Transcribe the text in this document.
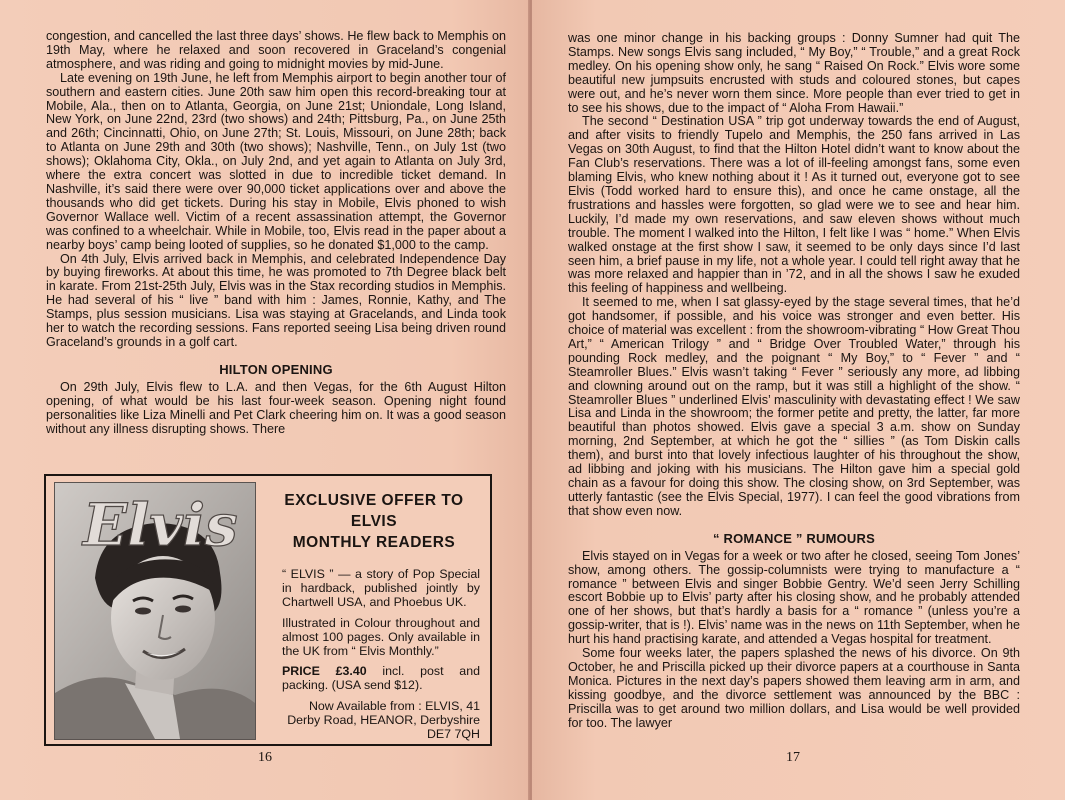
congestion, and cancelled the last three days’ shows. He flew back to Memphis on 19th May, where he relaxed and soon recovered in Graceland’s congenial atmosphere, and was riding and going to midnight movies by mid-June.

Late evening on 19th June, he left from Memphis airport to begin another tour of southern and eastern cities. June 20th saw him open this record-breaking tour at Mobile, Ala., then on to Atlanta, Georgia, on June 21st; Uniondale, Long Island, New York, on June 22nd, 23rd (two shows) and 24th; Pittsburg, Pa., on June 25th and 26th; Cincinnatti, Ohio, on June 27th; St. Louis, Missouri, on June 28th; back to Atlanta on June 29th and 30th (two shows); Nashville, Tenn., on July 1st (two shows); Oklahoma City, Okla., on July 2nd, and yet again to Atlanta on July 3rd, where the extra concert was slotted in due to incredible ticket demand. In Nashville, it’s said there were over 90,000 ticket applications over and above the thousands who did get tickets. During his stay in Mobile, Elvis phoned to wish Governor Wallace well. Victim of a recent assassination attempt, the Governor was confined to a wheelchair. While in Mobile, too, Elvis read in the paper about a nearby boys’ camp being looted of supplies, so he donated $1,000 to the camp.

On 4th July, Elvis arrived back in Memphis, and celebrated Independence Day by buying fireworks. At about this time, he was promoted to 7th Degree black belt in karate. From 21st-25th July, Elvis was in the Stax recording studios in Memphis. He had several of his “ live ” band with him : James, Ronnie, Kathy, and The Stamps, plus session musicians. Lisa was staying at Gracelands, and Linda took her to watch the recording sessions. Fans reported seeing Lisa being driven round Graceland’s grounds in a golf cart.

HILTON OPENING

On 29th July, Elvis flew to L.A. and then Vegas, for the 6th August Hilton opening, of what would be his last four-week season. Opening night found personalities like Liza Minelli and Pet Clark cheering him on. It was a good season without any illness disrupting shows. There

Elvis	EXCLUSIVE OFFER TO ELVIS
MONTHLY READERS

“ ELVIS ” — a story of Pop Special in hardback, published jointly by Chartwell USA, and Phoebus UK.

Illustrated in Colour throughout and almost 100 pages. Only available in the UK from “ Elvis Monthly.”

PRICE £3.40 incl. post and packing. (USA send $12).

Now Available from : ELVIS, 41 Derby Road, HEANOR, Derbyshire DE7 7QH

16

was one minor change in his backing groups : Donny Sumner had quit The Stamps. New songs Elvis sang included, “ My Boy,” “ Trouble,” and a great Rock medley. On his opening show only, he sang “ Raised On Rock.” Elvis wore some beautiful new jumpsuits encrusted with studs and coloured stones, but capes were out, and he’s never worn them since. More people than ever tried to get in to see his shows, due to the impact of “ Aloha From Hawaii.”

The second “ Destination USA ” trip got underway towards the end of August, and after visits to friendly Tupelo and Memphis, the 250 fans arrived in Las Vegas on 30th August, to find that the Hilton Hotel didn’t want to know about the Fan Club’s reservations. There was a lot of ill-feeling amongst fans, some even blaming Elvis, who knew nothing about it ! As it turned out, everyone got to see Elvis (Todd worked hard to ensure this), and once he came onstage, all the frustrations and hassles were forgotten, so glad were we to see and hear him. Luckily, I’d made my own reservations, and saw eleven shows without much trouble. The moment I walked into the Hilton, I felt like I was “ home.” When Elvis walked onstage at the first show I saw, it seemed to be only days since I’d last seen him, a brief pause in my life, not a whole year. I could tell right away that he was more relaxed and happier than in ’72, and in all the shows I saw he exuded this feeling of happiness and wellbeing.

It seemed to me, when I sat glassy-eyed by the stage several times, that he’d got handsomer, if possible, and his voice was stronger and even better. His choice of material was excellent : from the showroom-vibrating “ How Great Thou Art,” “ American Trilogy ” and “ Bridge Over Troubled Water,” through his pounding Rock medley, and the poignant “ My Boy,” to “ Fever ” and “ Steamroller Blues.” Elvis wasn’t taking “ Fever ” seriously any more, ad libbing and clowning around out on the ramp, but it was still a highlight of the show. “ Steamroller Blues ” underlined Elvis’ masculinity with devastating effect ! We saw Lisa and Linda in the showroom; the former petite and pretty, the latter, far more beautiful than photos showed. Elvis gave a special 3 a.m. show on Sunday morning, 2nd September, at which he got the “ sillies ” (as Tom Diskin calls them), and burst into that lovely infectious laughter of his throughout the show, ad libbing and joking with his musicians. The Hilton gave him a special gold chain as a favour for doing this show. The closing show, on 3rd September, was utterly fantastic (see the Elvis Special, 1977). I can feel the good vibrations from that show even now.

“ ROMANCE ” RUMOURS

Elvis stayed on in Vegas for a week or two after he closed, seeing Tom Jones’ show, among others. The gossip-columnists were trying to manufacture a “ romance ” between Elvis and singer Bobbie Gentry. We’d seen Jerry Schilling escort Bobbie up to Elvis’ party after his closing show, and he probably attended one of her shows, but that’s hardly a basis for a “ romance ” (unless you’re a gossip-writer, that is !). Elvis’ name was in the news on 11th September, when he hurt his hand practising karate, and attended a Vegas hospital for treatment.

Some four weeks later, the papers splashed the news of his divorce. On 9th October, he and Priscilla picked up their divorce papers at a courthouse in Santa Monica. Pictures in the next day’s papers showed them leaving arm in arm, and kissing goodbye, and the divorce settlement was announced by the BBC : Priscilla was to get around two million dollars, and Lisa would be well provided for too. The lawyer

17
